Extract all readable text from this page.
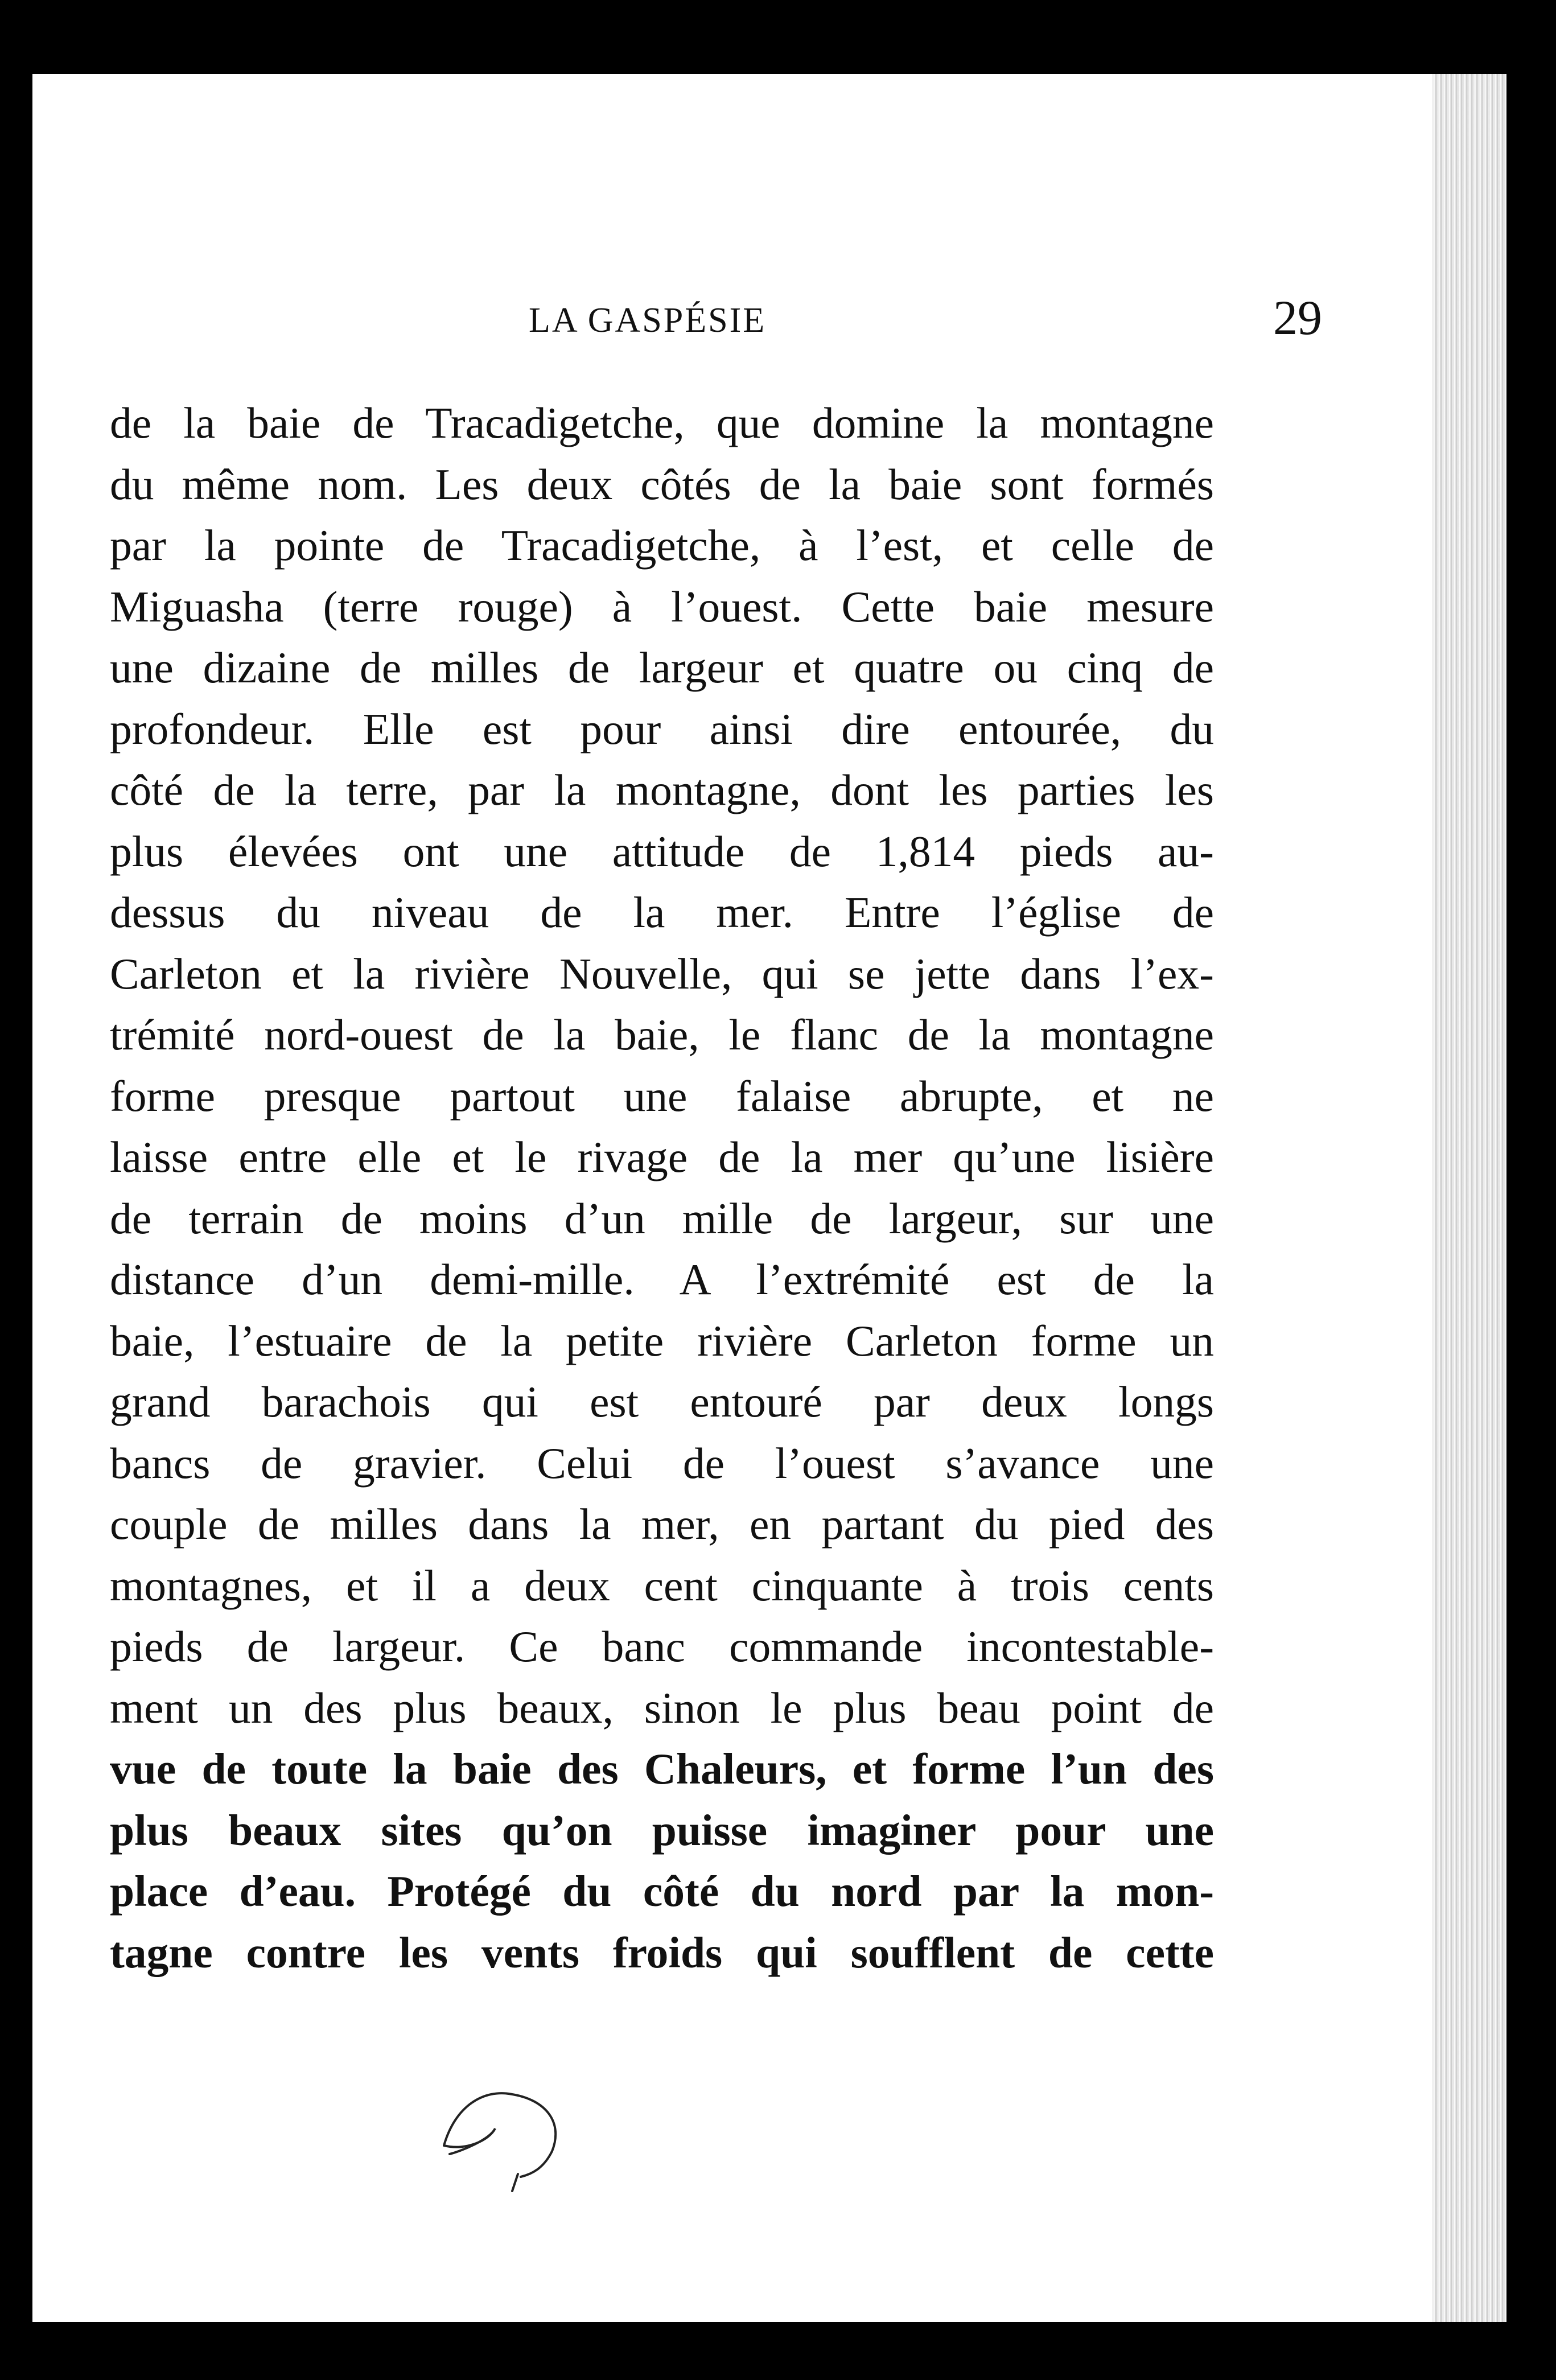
LA GASPÉSIE	29
de la baie de Tracadigetche, que domine la montagne
du même nom. Les deux côtés de la baie sont formés
par la pointe de Tracadigetche, à l’est, et celle de
Miguasha (terre rouge) à l’ouest. Cette baie mesure
une dizaine de milles de largeur et quatre ou cinq de
profondeur. Elle est pour ainsi dire entourée, du
côté de la terre, par la montagne, dont les parties les
plus élevées ont une attitude de 1,814 pieds au-
dessus du niveau de la mer. Entre l’église de
Carleton et la rivière Nouvelle, qui se jette dans l’ex-
trémité nord-ouest de la baie, le flanc de la montagne
forme presque partout une falaise abrupte, et ne
laisse entre elle et le rivage de la mer qu’une lisière
de terrain de moins d’un mille de largeur, sur une
distance d’un demi-mille. A l’extrémité est de la
baie, l’estuaire de la petite rivière Carleton forme un
grand barachois qui est entouré par deux longs
bancs de gravier. Celui de l’ouest s’avance une
couple de milles dans la mer, en partant du pied des
montagnes, et il a deux cent cinquante à trois cents
pieds de largeur. Ce banc commande incontestable-
ment un des plus beaux, sinon le plus beau point de
vue de toute la baie des Chaleurs, et forme l’un des
plus beaux sites qu’on puisse imaginer pour une
place d’eau. Protégé du côté du nord par la mon-
tagne contre les vents froids qui soufflent de cette
